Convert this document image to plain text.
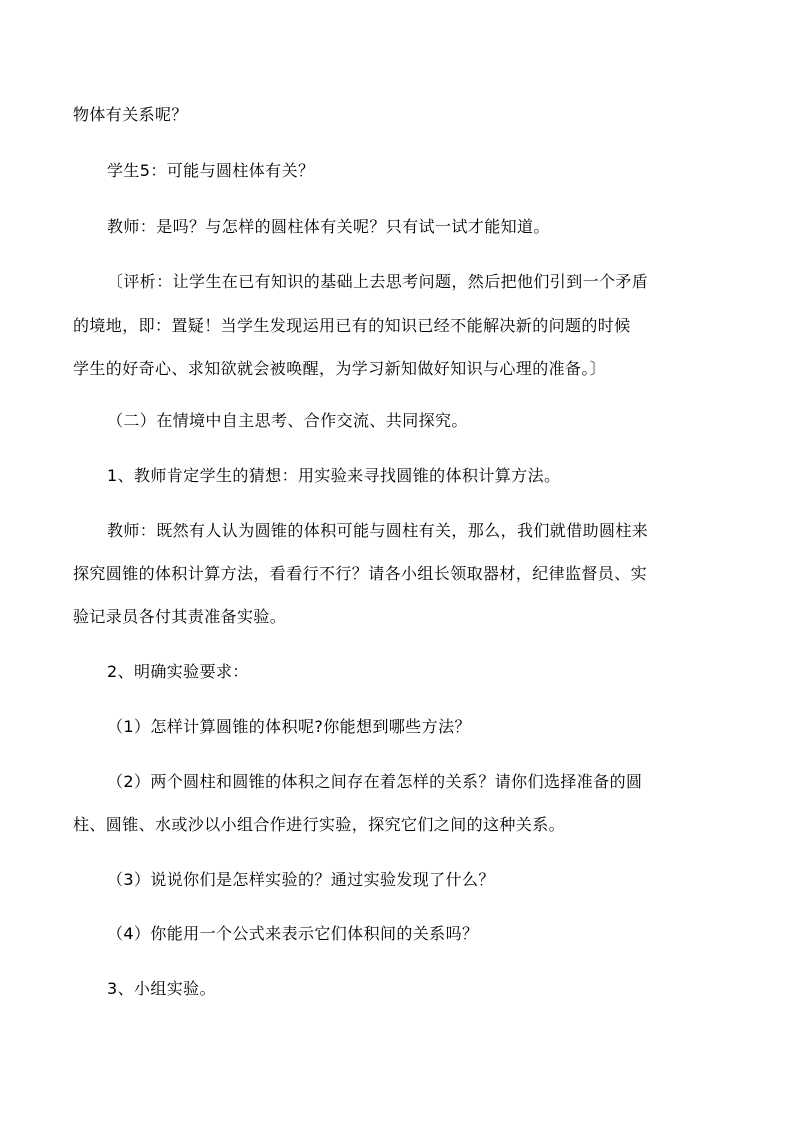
物体有关系呢？
学生5：可能与圆柱体有关？
教师：是吗？与怎样的圆柱体有关呢？只有试一试才能知道。
〔评析：让学生在已有知识的基础上去思考问题，然后把他们引到一个矛盾
的境地，即：置疑！当学生发现运用已有的知识已经不能解决新的问题的时候
学生的好奇心、求知欲就会被唤醒，为学习新知做好知识与心理的准备。〕
（二）在情境中自主思考、合作交流、共同探究。
1、教师肯定学生的猜想：用实验来寻找圆锥的体积计算方法。
教师：既然有人认为圆锥的体积可能与圆柱有关，那么，我们就借助圆柱来
探究圆锥的体积计算方法，看看行不行？请各小组长领取器材，纪律监督员、实
验记录员各付其责准备实验。
2、明确实验要求：
（1）怎样计算圆锥的体积呢?你能想到哪些方法？
（2）两个圆柱和圆锥的体积之间存在着怎样的关系？请你们选择准备的圆
柱、圆锥、水或沙以小组合作进行实验，探究它们之间的这种关系。
（3）说说你们是怎样实验的？通过实验发现了什么？
（4）你能用一个公式来表示它们体积间的关系吗？
3、小组实验。
